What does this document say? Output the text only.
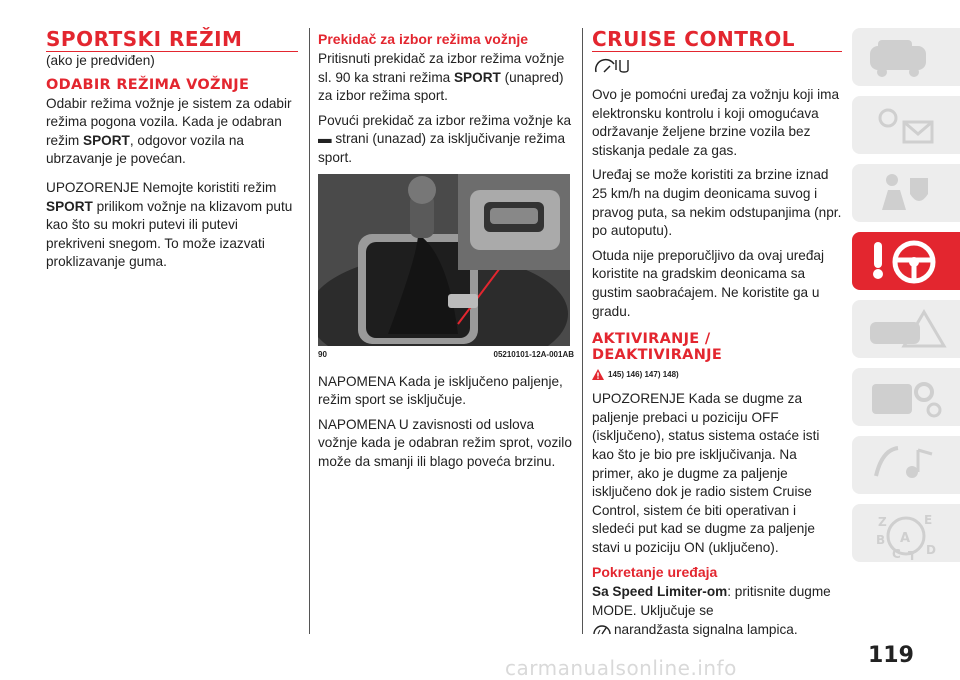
SPORTSKI REŽIM

(ako je predviđen)

ODABIR REŽIMA VOŽNJE

Odabir režima vožnje je sistem za odabir režima pogona vozila. Kada je odabran režim SPORT, odgovor vozila na ubrzavanje je povećan.

UPOZORENJE Nemojte koristiti režim SPORT prilikom vožnje na klizavom putu kao što su mokri putevi ili putevi prekriveni snegom. To može izazvati proklizavanje guma.

Prekidač za izbor režima vožnje

Pritisnuti prekidač za izbor režima vožnje sl. 90 ka strani režima SPORT (unapred) za izbor režima sport.

Povući prekidač za izbor režima vožnje ka ▬ strani (unazad) za isključivanje režima sport.

90	05210101-12A-001AB

NAPOMENA Kada je isključeno paljenje, režim sport se isključuje.

NAPOMENA U zavisnosti od uslova vožnje kada je odabran režim sprot, vozilo može da smanji ili blago poveća brzinu.

CRUISE CONTROL

Ovo je pomoćni uređaj za vožnju koji ima elektronsku kontrolu i koji omogućava održavanje željene brzine vozila bez stiskanja pedale za gas.

Uređaj se može koristiti za brzine iznad 25 km/h na dugim deonicama suvog i pravog puta, sa nekim odstupanjima (npr. po autoputu).

Otuda nije preporučljivo da ovaj uređaj koristite na gradskim deonicama sa gustim saobraćajem. Ne koristite ga u gradu.

AKTIVIRANJE /
DEAKTIVIRANJE
145) 146) 147) 148)

UPOZORENJE Kada se dugme za paljenje prebaci u poziciju OFF (isključeno), status sistema ostaće isti kao što je bio pre isključivanja. Na primer, ako je dugme za paljenje isključeno dok je radio sistem Cruise Control, sistem će biti operativan i sledeći put kad se dugme za paljenje stavi u poziciju ON (uključeno).

Pokretanje uređaja

Sa Speed Limiter-om: pritisnite dugme MODE. Uključuje se
narandžasta signalna lampica.

Z	E
B A
C T D
119
carmanualsonline.info
